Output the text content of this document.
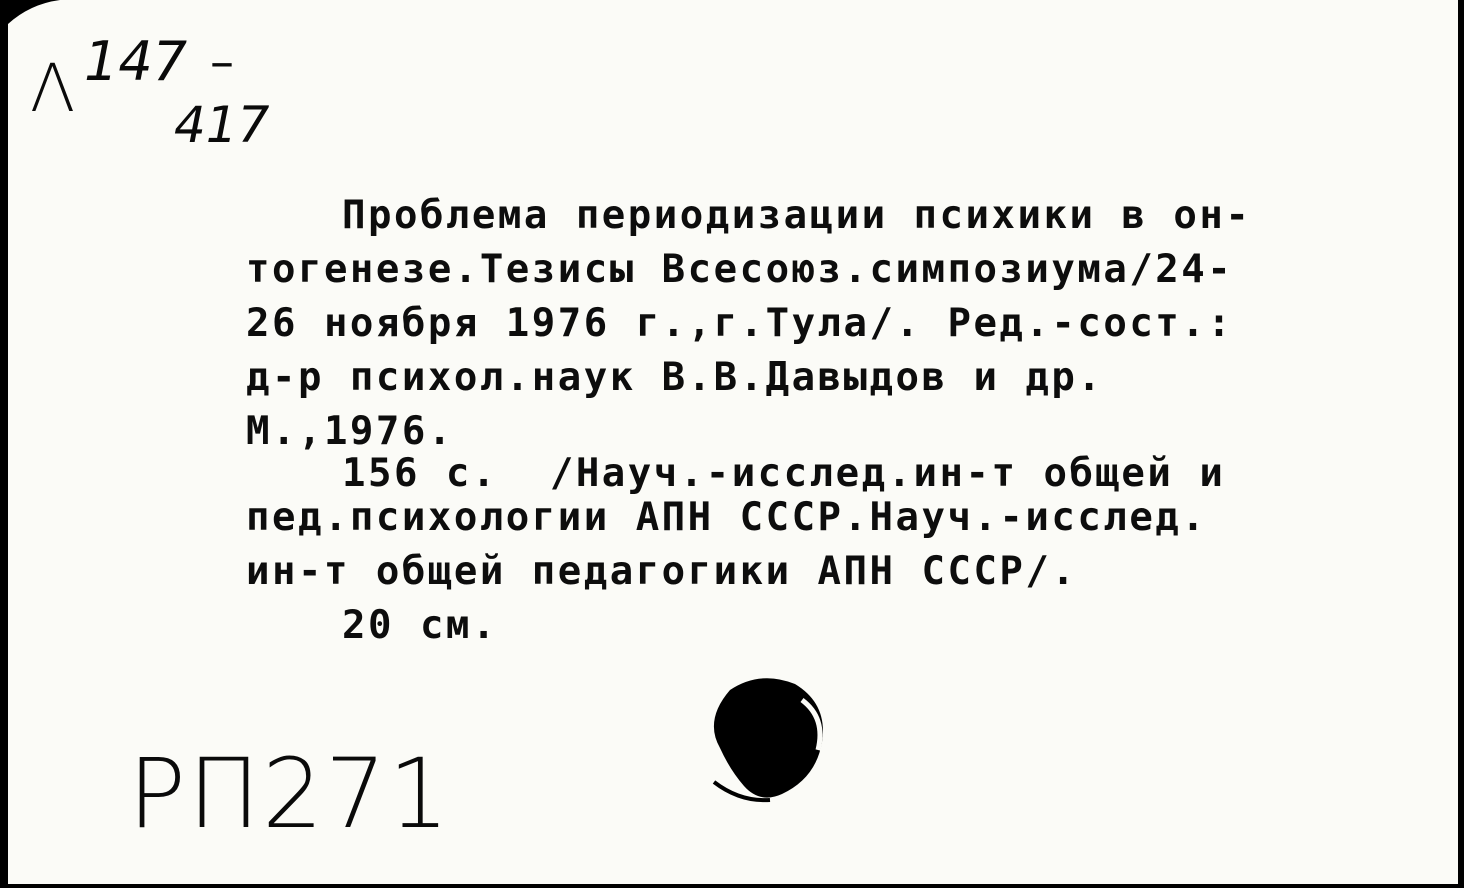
Λ 147 –
417
Проблема периодизации психики в он-
тогенезе.Тезисы Всесоюз.симпозиума/24-
26 ноября 1976 г.,г.Тула/. Ред.-сост.:
д-р психол.наук В.В.Давыдов и др.
М.,1976.
156 с.  /Науч.-исслед.ин-т общей и
пед.психологии АПН СССР.Науч.-исслед.
ин-т общей педагогики АПН СССР/.
20 см.
РП271
